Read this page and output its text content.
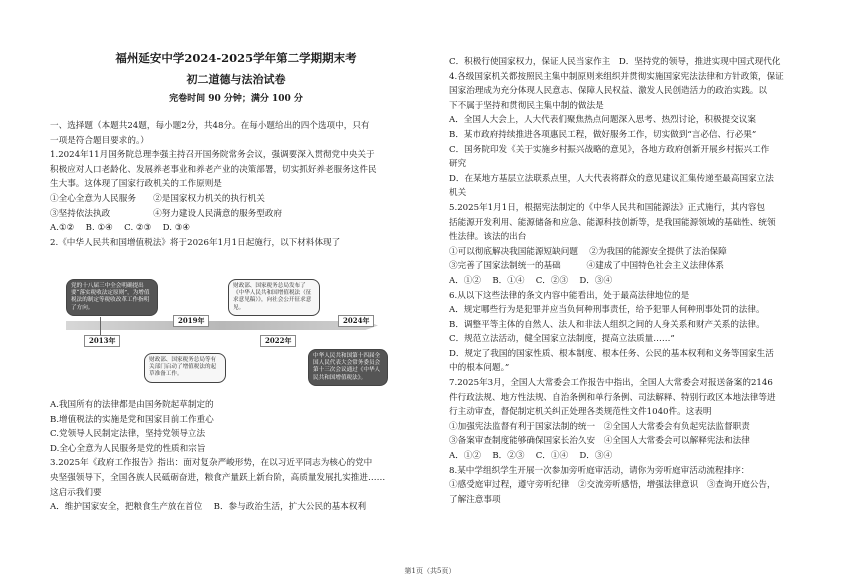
福州延安中学2024-2025学年第二学期期末考
初二道德与法治试卷
完卷时间 90 分钟；满分 100 分

一、选择题（本题共24题，每小题2分，共48分。在每小题给出的四个选项中，只有

一项是符合题目要求的。）

1.2024年11月国务院总理李强主持召开国务院常务会议，强调要深入贯彻党中央关于

积极应对人口老龄化、发展养老事业和养老产业的决策部署，切实抓好养老服务这件民

生大事。这体现了国家行政机关的工作原则是

①全心全意为人民服务　　②是国家权力机关的执行机关

③坚持依法执政　　　　　④努力建设人民满意的服务型政府

A.①②　 B. ①④　 C. ②③　 D. ③④

2.《中华人民共和国增值税法》将于2026年1月1日起施行，以下材料体现了

党的十八届三中全会明确提出要“落实税收法定原则”，为增值税法的制定等税收改革工作指明了方向。
2013年
2019年
财政部、国家税务总局发布了《中华人民共和国增值税法（征求意见稿）》，向社会公开征求意见。
财政部、国家税务总局等有关部门启动了增值税法的起草准备工作。
2022年
2024年
中华人民共和国第十四届全国人民代表大会常务委员会第十三次会议通过《中华人民共和国增值税法》。

A.我国所有的法律都是由国务院起草制定的

B.增值税法的实施是党和国家目前工作重心

C.党领导人民制定法律，坚持党领导立法

D.全心全意为人民服务是党的性质和宗旨

3.2025年《政府工作报告》指出：面对复杂严峻形势，在以习近平同志为核心的党中

央坚强领导下，全国各族人民砥砺奋进，粮食产量跃上新台阶，高质量发展扎实推进……

这启示我们要

A．维护国家安全，把粮食生产放在首位　 B．参与政治生活，扩大公民的基本权利

C．积极行使国家权力，保证人民当家作主　D．坚持党的领导，推进实现中国式现代化

4.各级国家机关都按照民主集中制原则来组织并贯彻实施国家宪法法律和方针政策，保证

国家治理成为充分体现人民意志、保障人民权益、激发人民创造活力的政治实践。以

下不属于坚持和贯彻民主集中制的做法是

A．全国人大会上，人大代表们聚焦热点问题深入思考、热烈讨论，积极提交议案

B．某市政府持续推进各项惠民工程，做好服务工作，切实做到“言必信、行必果”

C．国务院印发《关于实施乡村振兴战略的意见》，各地方政府创新开展乡村振兴工作

研究

D．在某地方基层立法联系点里，人大代表将群众的意见建议汇集传递至最高国家立法

机关

5.2025年1月1日，根据宪法制定的《中华人民共和国能源法》正式施行，其内容包

括能源开发利用、能源储备和应急、能源科技创新等，是我国能源领域的基础性、统领

性法律。该法的出台

①可以彻底解决我国能源短缺问题　 ②为我国的能源安全提供了法治保障

③完善了国家法制统一的基础　　　④建成了中国特色社会主义法律体系

A．①②　 B．①④　 C．②③　 D．③④

6.从以下这些法律的条文内容中能看出，处于最高法律地位的是

A．规定哪些行为是犯罪并应当负何种刑事责任，给予犯罪人何种刑事处罚的法律。

B．调整平等主体的自然人、法人和非法人组织之间的人身关系和财产关系的法律。

C．规范立法活动，健全国家立法制度，提高立法质量……”

D．规定了我国的国家性质、根本制度、根本任务、公民的基本权利和义务等国家生活

中的根本问题。”

7.2025年3月，全国人大常委会工作报告中指出，全国人大常委会对报送备案的2146

件行政法规、地方性法规、自治条例和单行条例、司法解释、特别行政区本地法律等进

行主动审查，督促制定机关纠正处理各类规范性文件1040件。这表明

①加强宪法监督有利于国家法制的统一　②全国人大常委会有负起宪法监督职责

③备案审查制度能够确保国家长治久安　④全国人大常委会可以解释宪法和法律

A．①②　 B．②③　 C．①④　 D．③④

8.某中学组织学生开展一次参加旁听庭审活动，请你为旁听庭审活动流程排序：

①感受庭审过程，遵守旁听纪律　②交流旁听感悟，增强法律意识　③查询开庭公告，

了解注意事项

第1页（共5页）
